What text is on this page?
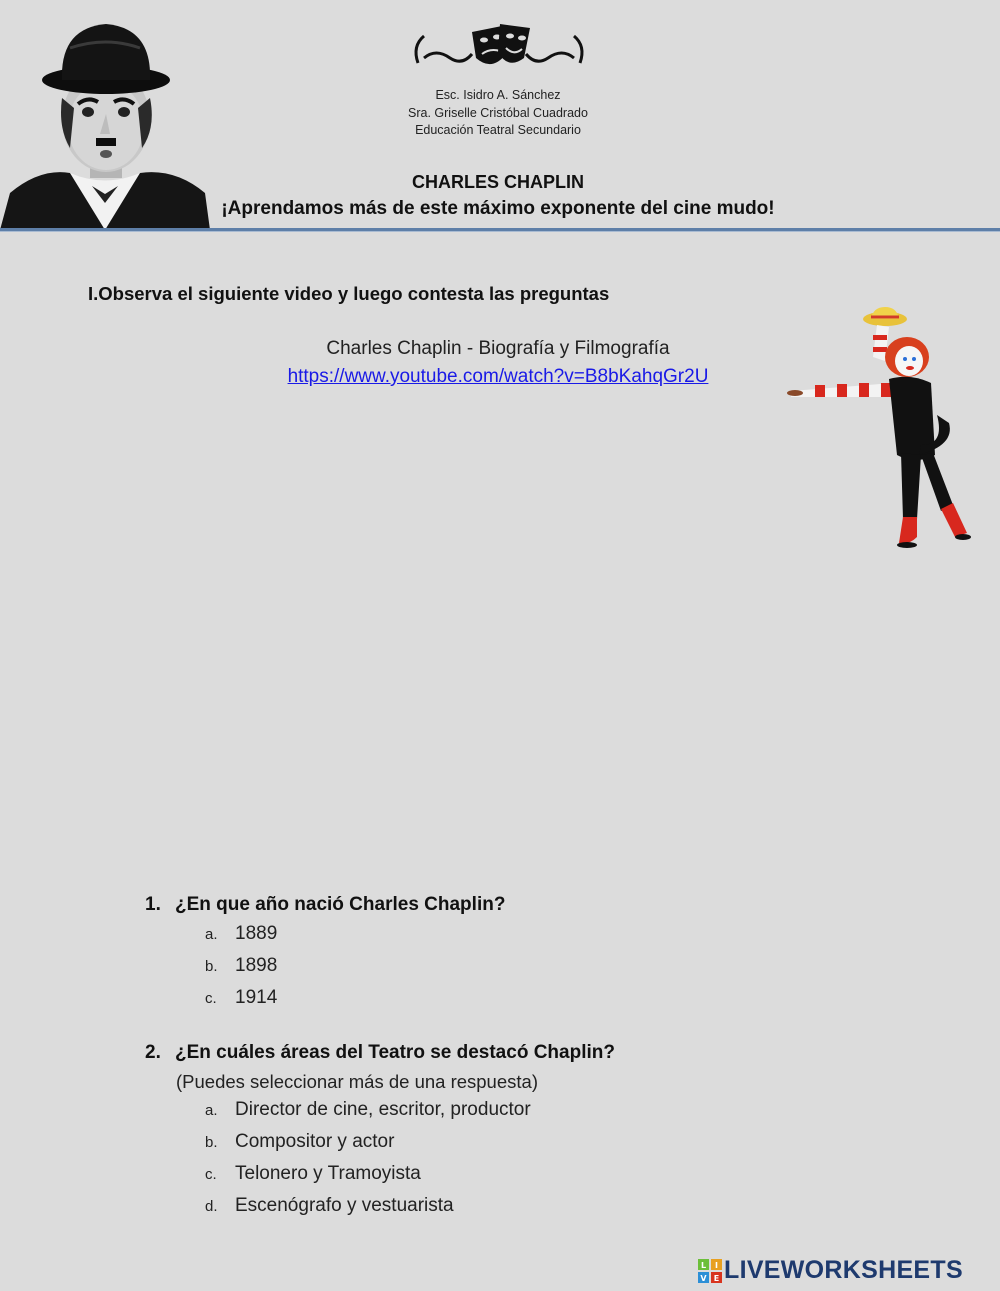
Esc. Isidro A. Sánchez
Sra. Griselle Cristóbal Cuadrado
Educación Teatral Secundario
CHARLES CHAPLIN
¡Aprendamos más de este máximo exponente del cine mudo!
I.Observa el siguiente video y luego contesta las preguntas
Charles Chaplin - Biografía y Filmografía
https://www.youtube.com/watch?v=B8bKahqGr2U
1. ¿En que año nació Charles Chaplin?
a. 1889
b. 1898
c. 1914
2. ¿En cuáles áreas del Teatro se destacó Chaplin?
(Puedes seleccionar más de una respuesta)
a. Director de cine, escritor, productor
b. Compositor y actor
c. Telonero y Tramoyista
d. Escenógrafo y vestuarista
L I
V E LIVEWORKSHEETS
